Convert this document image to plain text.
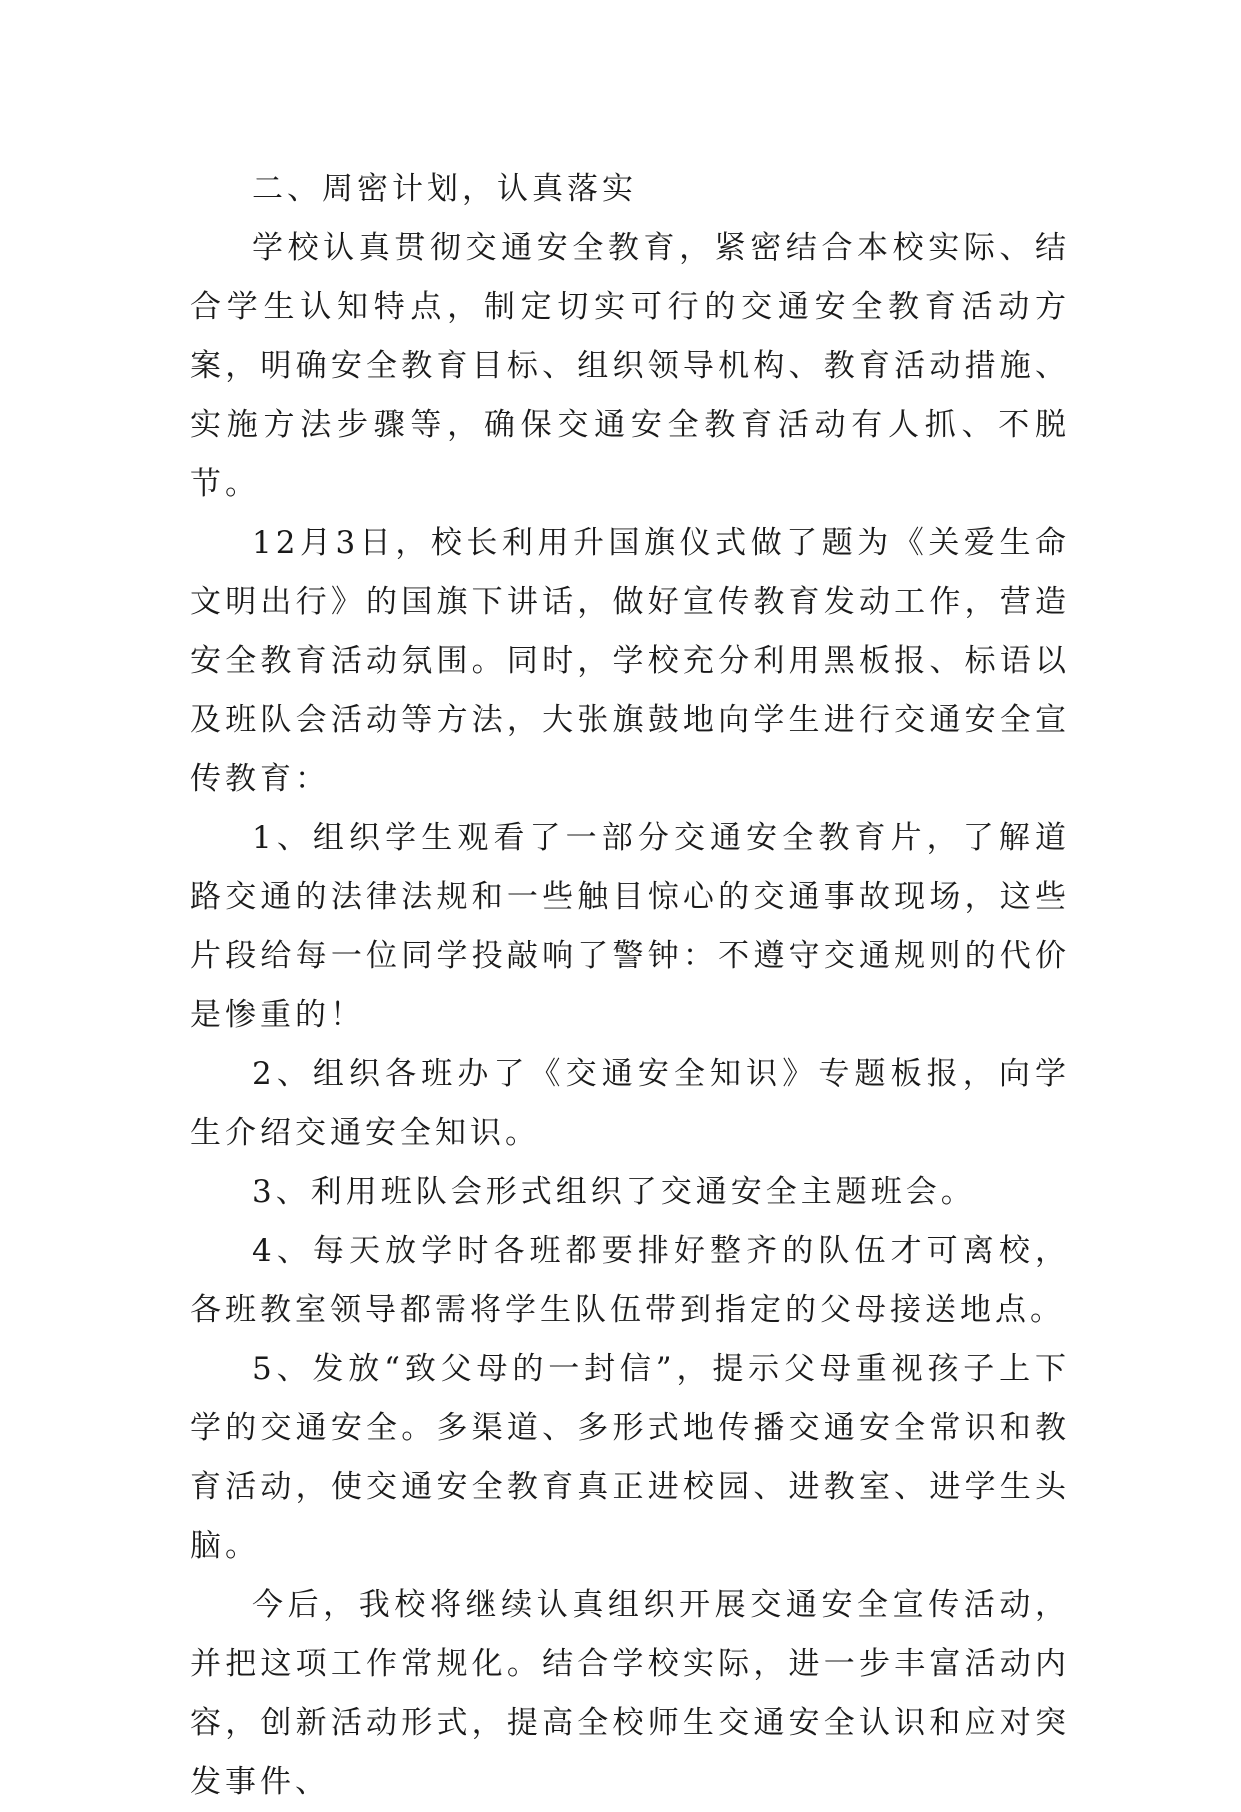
二、周密计划，认真落实

学校认真贯彻交通安全教育，紧密结合本校实际、结合学生认知特点，制定切实可行的交通安全教育活动方案，明确安全教育目标、组织领导机构、教育活动措施、实施方法步骤等，确保交通安全教育活动有人抓、不脱节。

12月3日，校长利用升国旗仪式做了题为《关爱生命文明出行》的国旗下讲话，做好宣传教育发动工作，营造安全教育活动氛围。同时，学校充分利用黑板报、标语以及班队会活动等方法，大张旗鼓地向学生进行交通安全宣传教育：

1、组织学生观看了一部分交通安全教育片，了解道路交通的法律法规和一些触目惊心的交通事故现场，这些片段给每一位同学投敲响了警钟：不遵守交通规则的代价是惨重的！

2、组织各班办了《交通安全知识》专题板报，向学生介绍交通安全知识。

3、利用班队会形式组织了交通安全主题班会。

4、每天放学时各班都要排好整齐的队伍才可离校，各班教室领导都需将学生队伍带到指定的父母接送地点。

5、发放“致父母的一封信”，提示父母重视孩子上下学的交通安全。多渠道、多形式地传播交通安全常识和教育活动，使交通安全教育真正进校园、进教室、进学生头脑。

今后，我校将继续认真组织开展交通安全宣传活动，并把这项工作常规化。结合学校实际，进一步丰富活动内容，创新活动形式，提高全校师生交通安全认识和应对突发事件、
